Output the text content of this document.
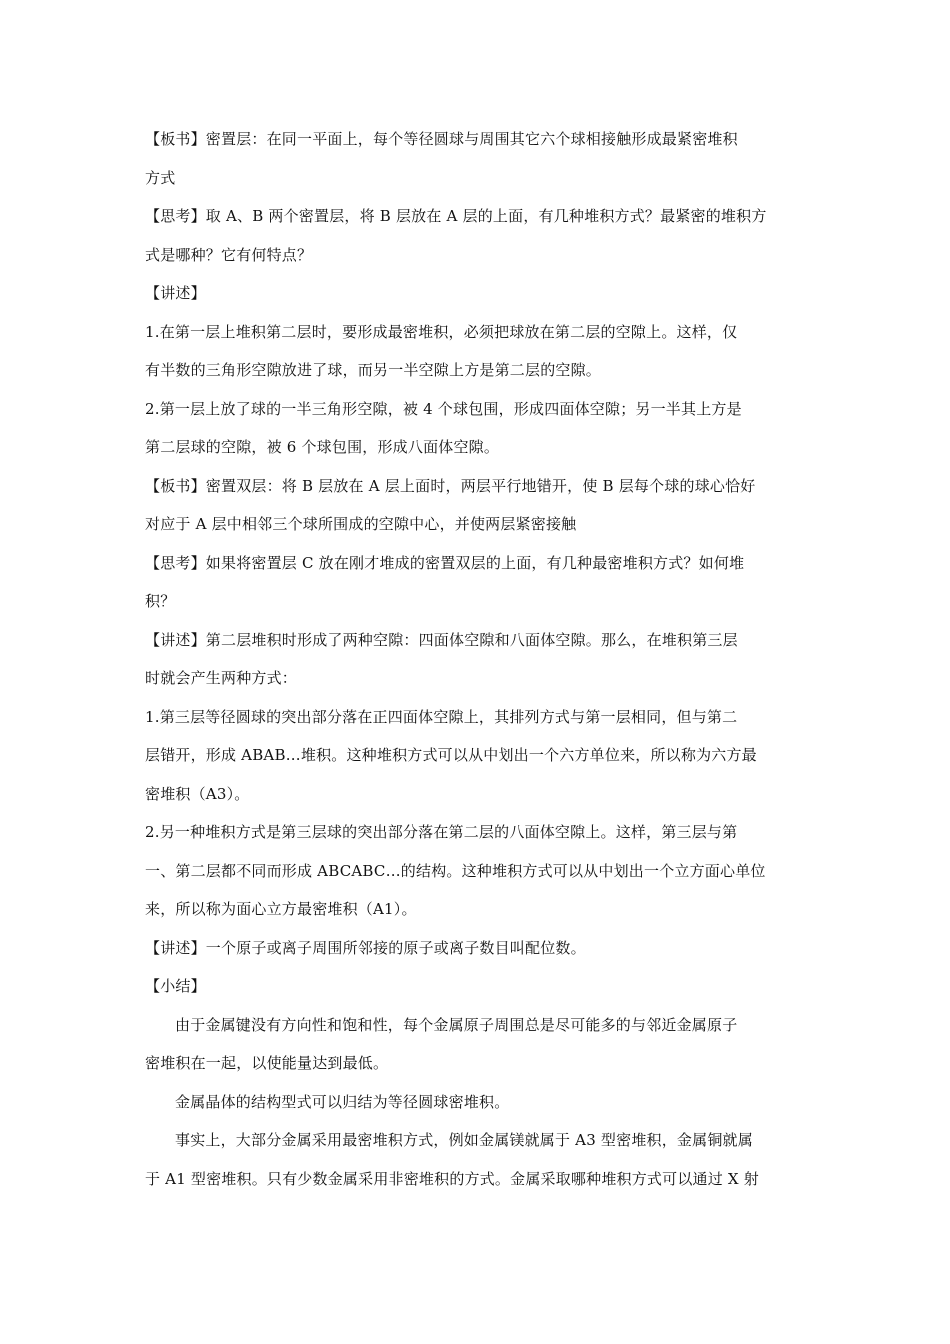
【板书】密置层：在同一平面上，每个等径圆球与周围其它六个球相接触形成最紧密堆积
方式
【思考】取 A、B 两个密置层，将 B 层放在 A 层的上面，有几种堆积方式？最紧密的堆积方
式是哪种？它有何特点？
【讲述】
1.在第一层上堆积第二层时，要形成最密堆积，必须把球放在第二层的空隙上。这样，仅
有半数的三角形空隙放进了球，而另一半空隙上方是第二层的空隙。
2.第一层上放了球的一半三角形空隙，被 4 个球包围，形成四面体空隙；另一半其上方是
第二层球的空隙，被 6 个球包围，形成八面体空隙。
【板书】密置双层：将 B 层放在 A 层上面时，两层平行地错开，使 B 层每个球的球心恰好
对应于 A 层中相邻三个球所围成的空隙中心，并使两层紧密接触
【思考】如果将密置层 C 放在刚才堆成的密置双层的上面，有几种最密堆积方式？如何堆
积？
【讲述】第二层堆积时形成了两种空隙：四面体空隙和八面体空隙。那么，在堆积第三层
时就会产生两种方式：
1.第三层等径圆球的突出部分落在正四面体空隙上，其排列方式与第一层相同，但与第二
层错开，形成 ABAB…堆积。这种堆积方式可以从中划出一个六方单位来，所以称为六方最
密堆积（A3）。
2.另一种堆积方式是第三层球的突出部分落在第二层的八面体空隙上。这样，第三层与第
一、第二层都不同而形成 ABCABC…的结构。这种堆积方式可以从中划出一个立方面心单位
来，所以称为面心立方最密堆积（A1）。
【讲述】一个原子或离子周围所邻接的原子或离子数目叫配位数。
【小结】
由于金属键没有方向性和饱和性，每个金属原子周围总是尽可能多的与邻近金属原子
密堆积在一起，以使能量达到最低。
金属晶体的结构型式可以归结为等径圆球密堆积。
事实上，大部分金属采用最密堆积方式，例如金属镁就属于 A3 型密堆积，金属铜就属
于 A1 型密堆积。只有少数金属采用非密堆积的方式。金属采取哪种堆积方式可以通过 X 射
